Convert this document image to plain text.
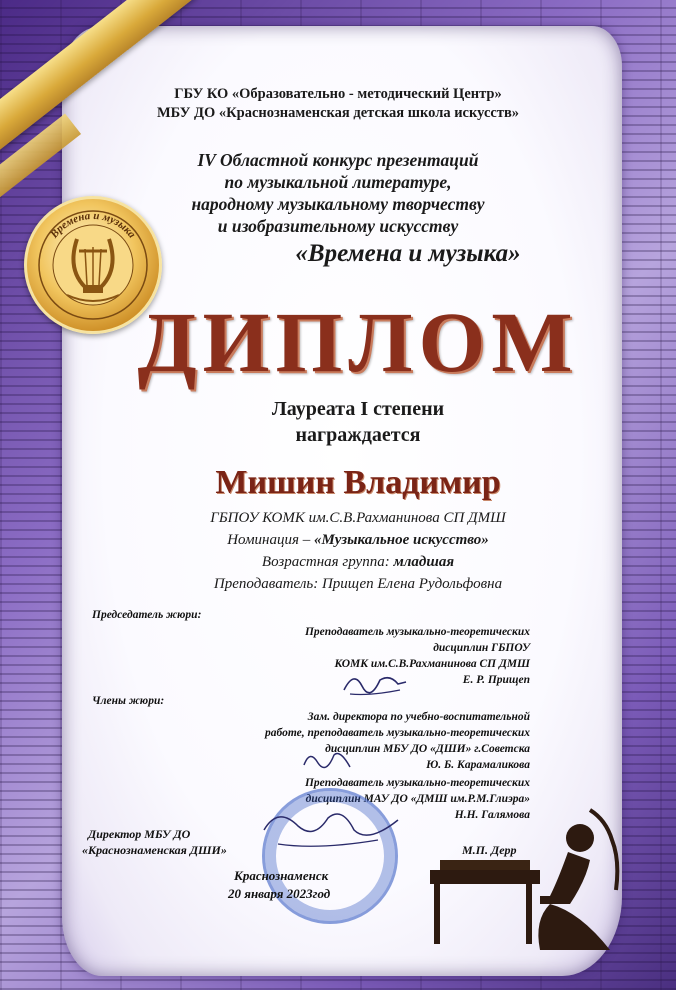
Времена и музыка
ГБУ КО «Образовательно - методический Центр»
МБУ ДО «Краснознаменская детская школа искусств»
IV Областной конкурс презентаций
по музыкальной литературе,
народному музыкальному творчеству
и изобразительному искусству
«Времена и музыка»
ДИПЛОМ
Лауреата I степени
награждается
Мишин Владимир
ГБПОУ КОМК им.С.В.Рахманинова СП ДМШ
Номинация – «Музыкальное искусство»
Возрастная группа: младшая
Преподаватель: Прищеп Елена Рудольфовна
Председатель жюри:
Преподаватель музыкально-теоретических
дисциплин ГБПОУ
КОМК им.С.В.Рахманинова СП ДМШ
Е. Р. Прищеп
Члены жюри:
Зам. директора по учебно-воспитательной
работе, преподаватель музыкально-теоретических
дисциплин МБУ ДО «ДШИ» г.Советска
Ю. Б. Карамаликова
Преподаватель музыкально-теоретических
дисциплин МАУ ДО «ДМШ им.Р.М.Глиэра»
Н.Н. Галямова
Директор МБУ ДО
«Краснознаменская ДШИ»	М.П. Дерр
Краснознаменск
20 января 2023год
